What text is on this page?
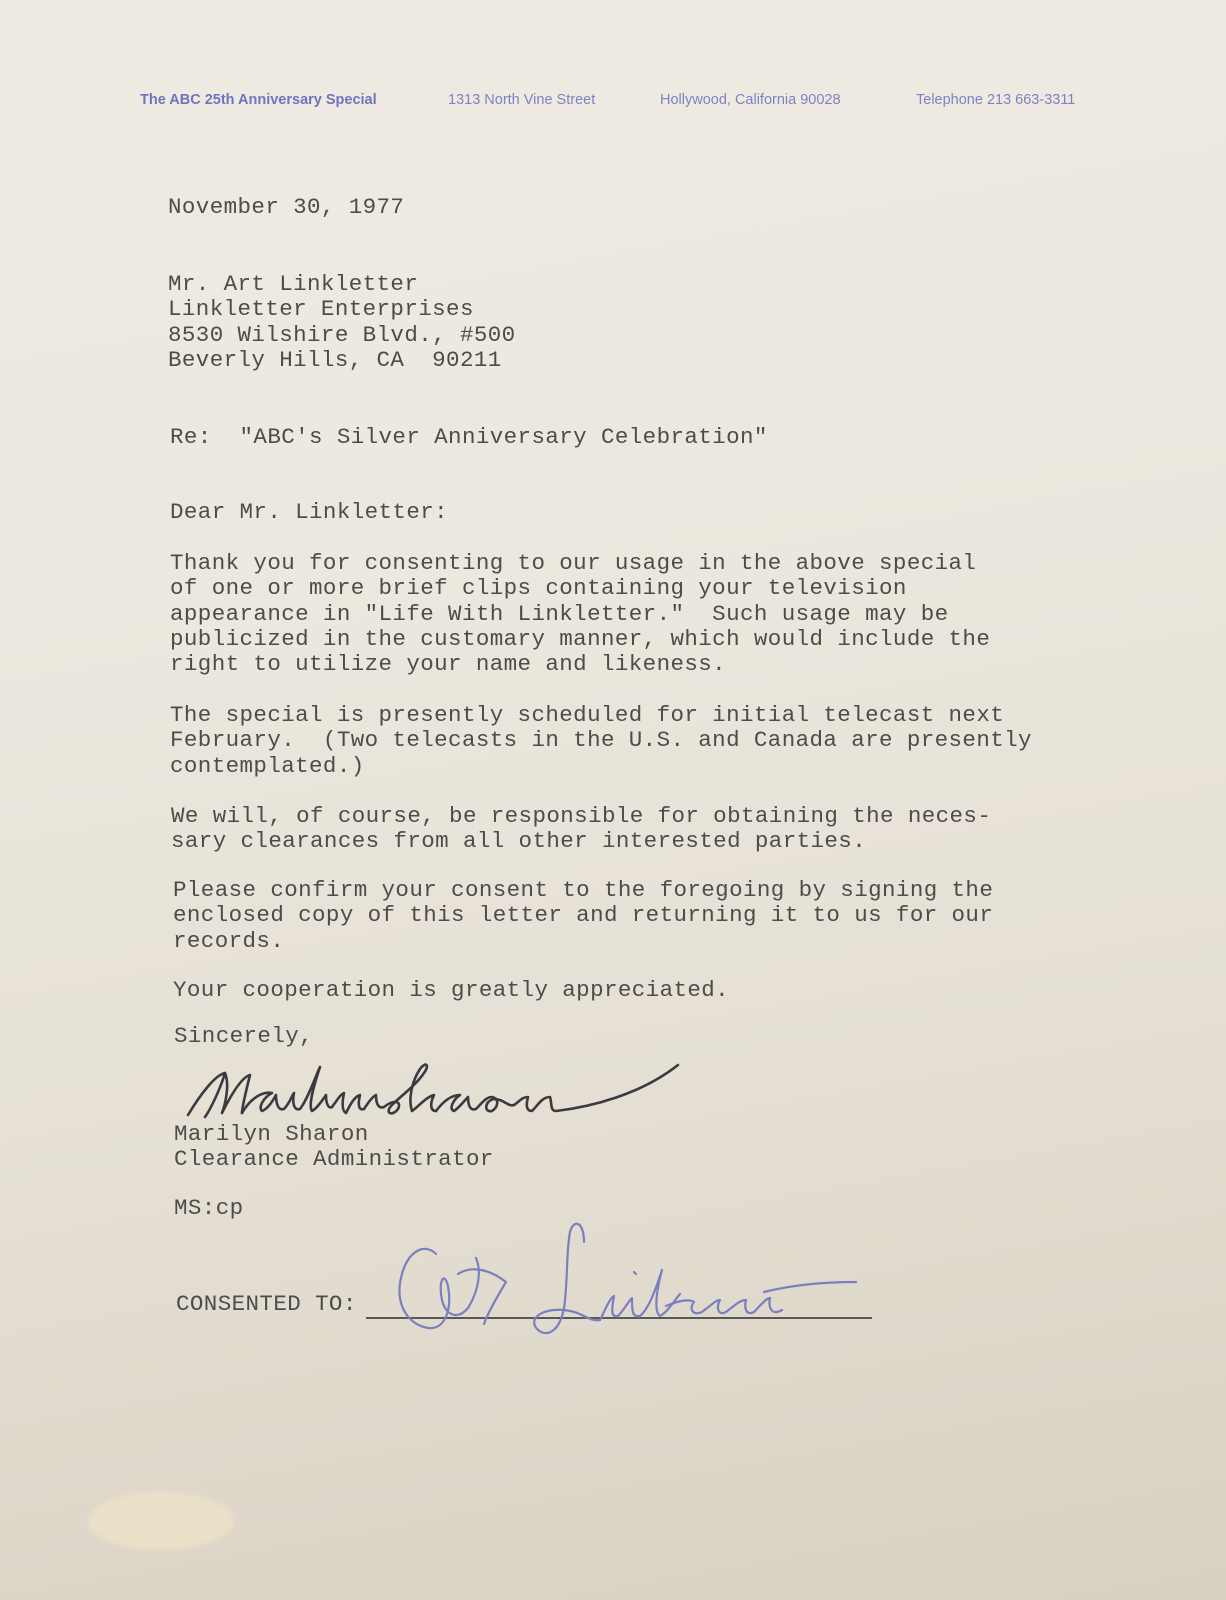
The ABC 25th Anniversary Special	1313 North Vine Street	Hollywood, California 90028	Telephone 213 663-3311
November 30, 1977
Mr. Art Linkletter
Linkletter Enterprises
8530 Wilshire Blvd., #500
Beverly Hills, CA  90211
Re:  "ABC's Silver Anniversary Celebration"
Dear Mr. Linkletter:
Thank you for consenting to our usage in the above special
of one or more brief clips containing your television
appearance in "Life With Linkletter."  Such usage may be
publicized in the customary manner, which would include the
right to utilize your name and likeness.
The special is presently scheduled for initial telecast next
February.  (Two telecasts in the U.S. and Canada are presently
contemplated.)
We will, of course, be responsible for obtaining the neces-
sary clearances from all other interested parties.
Please confirm your consent to the foregoing by signing the
enclosed copy of this letter and returning it to us for our
records.
Your cooperation is greatly appreciated.
Sincerely,
Marilyn Sharon
Clearance Administrator
MS:cp
CONSENTED TO:
